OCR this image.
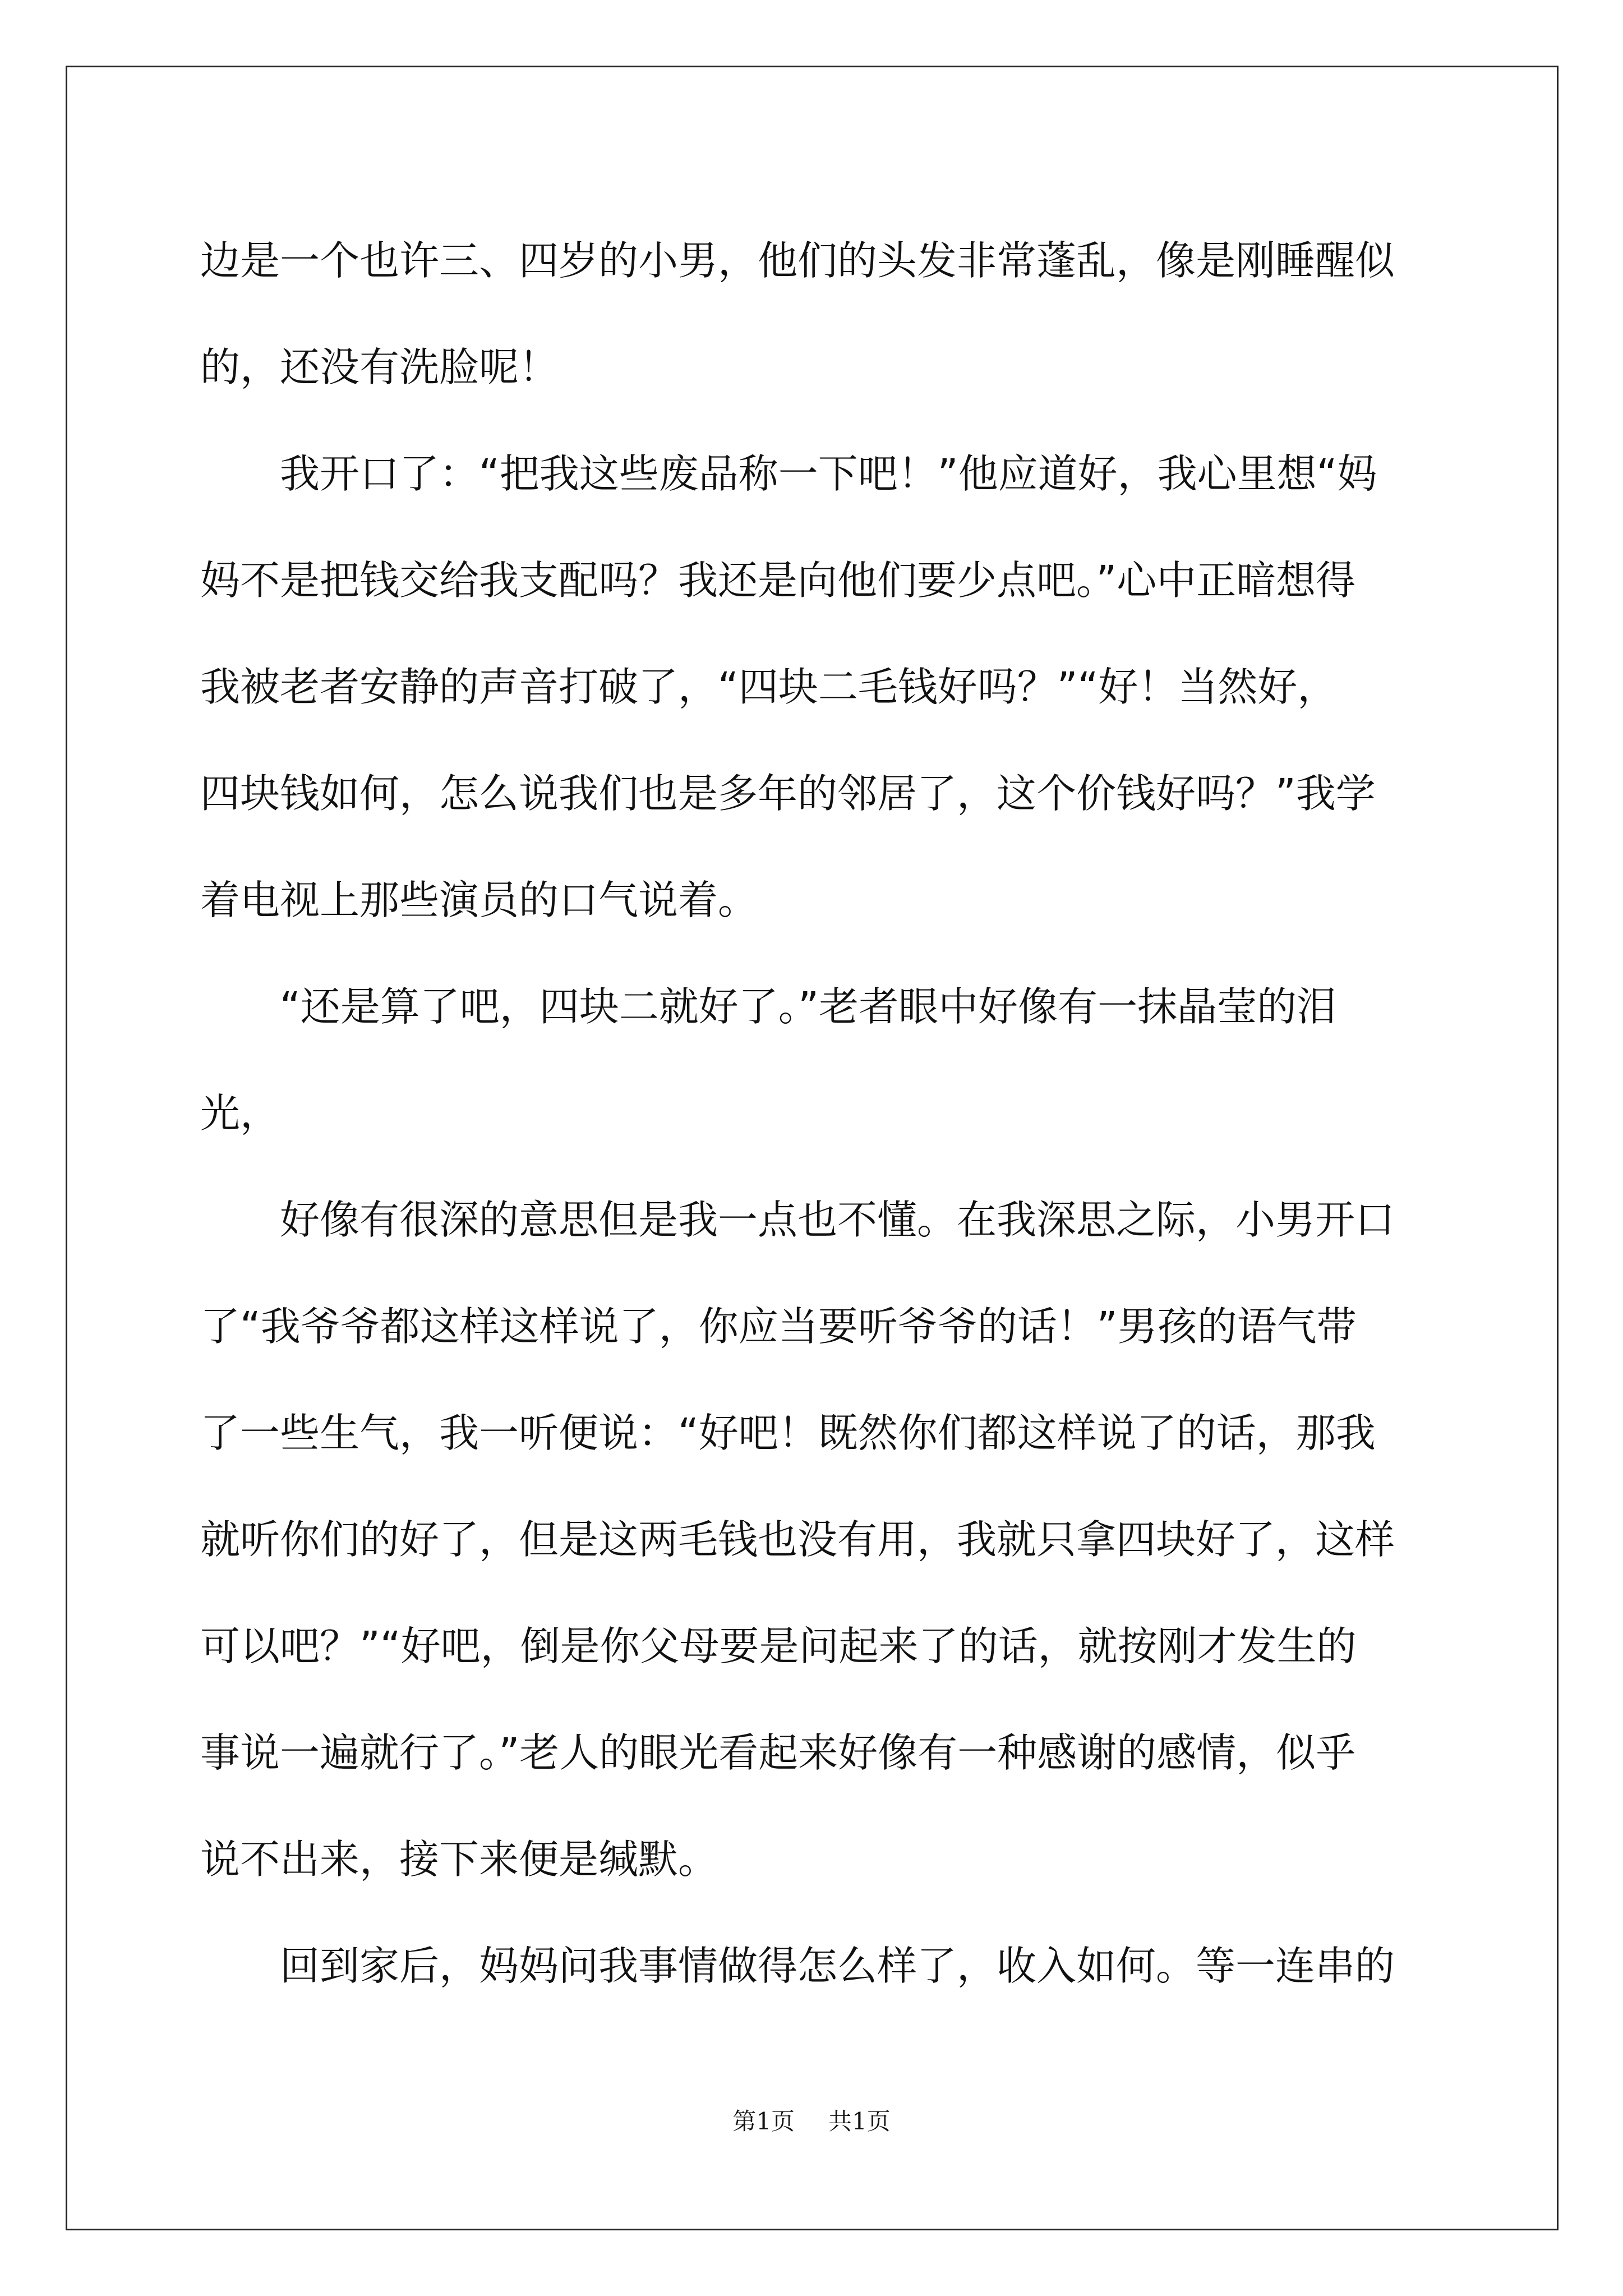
边是一个也许三、四岁的小男，他们的头发非常蓬乱，像是刚睡醒似
的，还没有洗脸呢！
　　我开口了：“把我这些废品称一下吧！”他应道好，我心里想“妈
妈不是把钱交给我支配吗？我还是向他们要少点吧。”心中正暗想得
我被老者安静的声音打破了，“四块二毛钱好吗？”“好！当然好，
四块钱如何，怎么说我们也是多年的邻居了，这个价钱好吗？”我学
着电视上那些演员的口气说着。
　　“还是算了吧，四块二就好了。”老者眼中好像有一抹晶莹的泪
光，
　　好像有很深的意思但是我一点也不懂。在我深思之际，小男开口
了“我爷爷都这样这样说了，你应当要听爷爷的话！”男孩的语气带
了一些生气，我一听便说：“好吧！既然你们都这样说了的话，那我
就听你们的好了，但是这两毛钱也没有用，我就只拿四块好了，这样
可以吧？”“好吧，倒是你父母要是问起来了的话，就按刚才发生的
事说一遍就行了。”老人的眼光看起来好像有一种感谢的感情，似乎
说不出来，接下来便是缄默。
　　回到家后，妈妈问我事情做得怎么样了，收入如何。等一连串的
第1页 共1页
